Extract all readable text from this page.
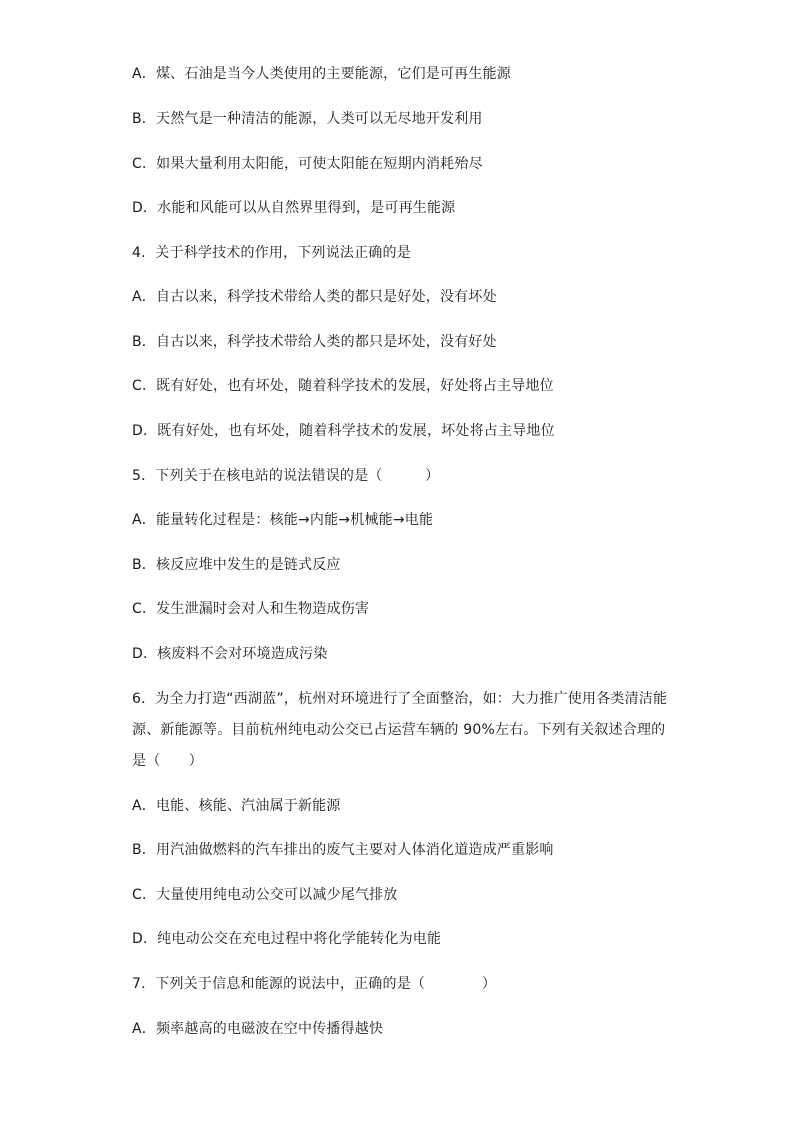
A．煤、石油是当今人类使用的主要能源，它们是可再生能源
B．天然气是一种清洁的能源，人类可以无尽地开发利用
C．如果大量利用太阳能，可使太阳能在短期内消耗殆尽
D．水能和风能可以从自然界里得到，是可再生能源
4．关于科学技术的作用，下列说法正确的是
A．自古以来，科学技术带给人类的都只是好处，没有坏处
B．自古以来，科学技术带给人类的都只是坏处，没有好处
C．既有好处，也有坏处，随着科学技术的发展，好处将占主导地位
D．既有好处，也有坏处，随着科学技术的发展，坏处将占主导地位
5．下列关于在核电站的说法错误的是（　　　）
A．能量转化过程是：核能→内能→机械能→电能
B．核反应堆中发生的是链式反应
C．发生泄漏时会对人和生物造成伤害
D．核废料不会对环境造成污染
6．为全力打造“西湖蓝”，杭州对环境进行了全面整治，如：大力推广使用各类清洁能
源、新能源等。目前杭州纯电动公交已占运营车辆的 90%左右。下列有关叙述合理的
是（　　）
A．电能、核能、汽油属于新能源
B．用汽油做燃料的汽车排出的废气主要对人体消化道造成严重影响
C．大量使用纯电动公交可以减少尾气排放
D．纯电动公交在充电过程中将化学能转化为电能
7．下列关于信息和能源的说法中，正确的是（　　　　）
A．频率越高的电磁波在空中传播得越快
